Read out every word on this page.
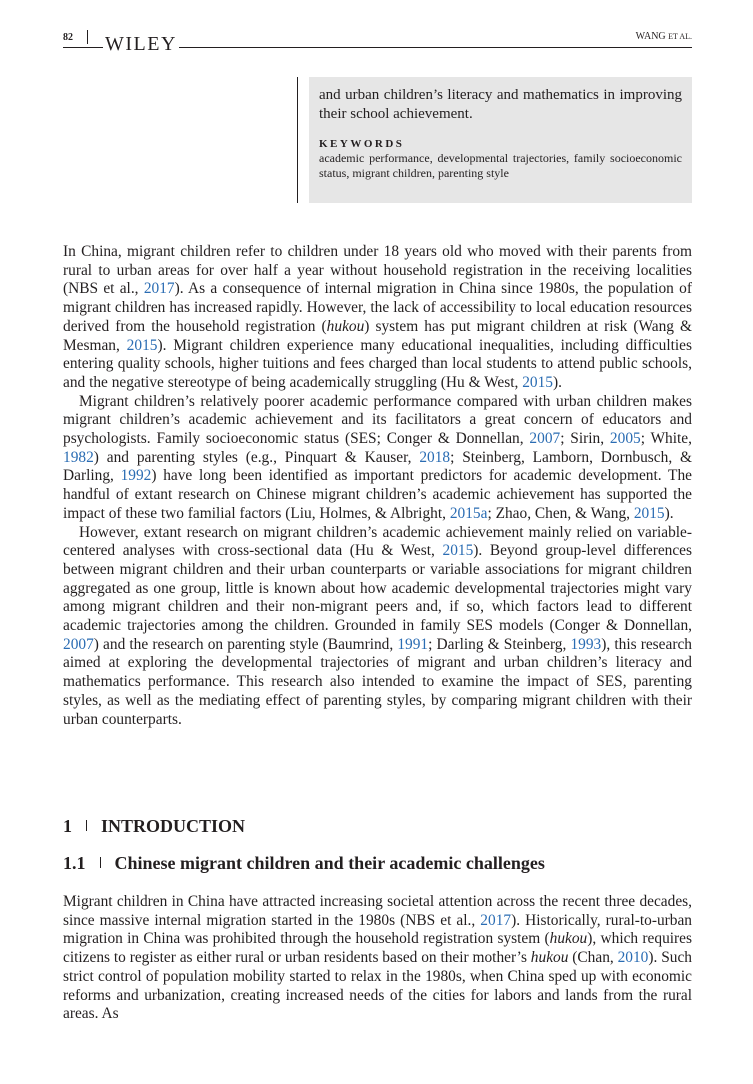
82 WILEY	WANG ET AL.
and urban children’s literacy and mathematics in improving their school achievement.
KEYWORDS
academic performance, developmental trajectories, family socioeconomic status, migrant children, parenting style

In China, migrant children refer to children under 18 years old who moved with their parents from rural to urban areas for over half a year without household registration in the receiving localities (NBS et al., 2017). As a consequence of internal migration in China since 1980s, the population of migrant children has increased rapidly. However, the lack of accessibility to local education resources derived from the household registration (hukou) system has put migrant children at risk (Wang & Mesman, 2015). Migrant children experience many educational inequalities, including difficulties entering quality schools, higher tuitions and fees charged than local students to attend public schools, and the negative stereotype of being academically struggling (Hu & West, 2015).

Migrant children’s relatively poorer academic performance compared with urban children makes migrant children’s academic achievement and its facilitators a great concern of educators and psychologists. Family socioeconomic status (SES; Conger & Donnellan, 2007; Sirin, 2005; White, 1982) and parenting styles (e.g., Pinquart & Kauser, 2018; Steinberg, Lamborn, Dornbusch, & Darling, 1992) have long been identified as important predictors for academic development. The handful of extant research on Chinese migrant children’s academic achievement has supported the impact of these two familial factors (Liu, Holmes, & Albright, 2015a; Zhao, Chen, & Wang, 2015).

However, extant research on migrant children’s academic achievement mainly relied on variable-centered analyses with cross-sectional data (Hu & West, 2015). Beyond group-level differences between migrant children and their urban counterparts or variable associations for migrant children aggregated as one group, little is known about how academic developmental trajectories might vary among migrant children and their non-migrant peers and, if so, which factors lead to different academic trajectories among the children. Grounded in family SES models (Conger & Donnellan, 2007) and the research on parenting style (Baumrind, 1991; Darling & Steinberg, 1993), this research aimed at exploring the developmental trajectories of migrant and urban children’s literacy and mathematics performance. This research also intended to examine the impact of SES, parenting styles, as well as the mediating effect of parenting styles, by comparing migrant children with their urban counterparts.

1 INTRODUCTION
1.1 Chinese migrant children and their academic challenges

Migrant children in China have attracted increasing societal attention across the recent three decades, since massive internal migration started in the 1980s (NBS et al., 2017). Historically, rural-to-urban migration in China was prohibited through the household registration system (hukou), which requires citizens to register as either rural or urban residents based on their mother’s hukou (Chan, 2010). Such strict control of population mobility started to relax in the 1980s, when China sped up with economic reforms and urbanization, creating increased needs of the cities for labors and lands from the rural areas. As
